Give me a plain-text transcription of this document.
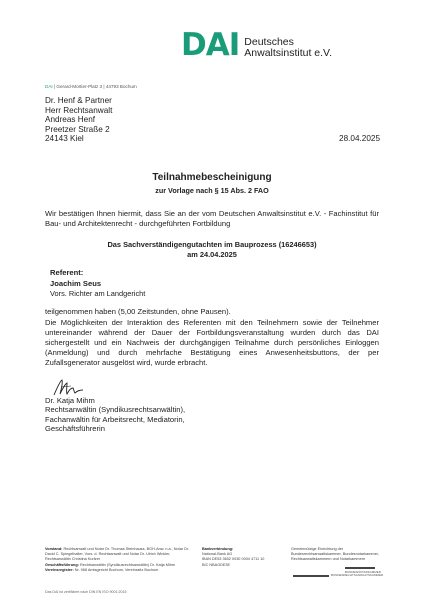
DAI Deutsches
Anwaltsinstitut e.V.
DAI | Gerard-Mortier-Platz 3 | 44793 Bochum
Dr. Henf & Partner
Herr Rechtsanwalt
Andreas Henf
Preetzer Straße 2
24143 Kiel	28.04.2025
Teilnahmebescheinigung
zur Vorlage nach § 15 Abs. 2 FAO
Wir bestätigen Ihnen hiermit, dass Sie an der vom Deutschen Anwaltsinstitut e.V. - Fachinstitut für Bau- und Architektenrecht - durchgeführten Fortbildung
Das Sachverständigengutachten im Bauprozess (16246653)
am 24.04.2025
Referent:
Joachim Seus
Vors. Richter am Landgericht
teilgenommen haben (5,00 Zeitstunden, ohne Pausen).
Die Möglichkeiten der Interaktion des Referenten mit den Teilnehmern sowie der Teilnehmer untereinander während der Dauer der Fortbildungsveranstaltung wurden durch das DAI sichergestellt und ein Nachweis der durchgängigen Teilnahme durch persönliches Einloggen (Anmeldung) und durch mehrfache Bestätigung eines Anwesenheitsbuttons, der per Zufallsgenerator ausgelöst wird, wurde erbracht.
Dr. Katja Mihm
Rechtsanwältin (Syndikusrechtsanwältin),
Fachanwältin für Arbeitsrecht, Mediatorin,
Geschäftsführerin
Vorstand: Rechtsanwalt und Notar Dr. Thomas Steinhauss, BGH-Anw. n.a., Notar Dr. David C. Spiegelhalter, Vors. d. Rechtsanwalt und Notar Dr. Ulrich Winkler, Rechtsanwältin Christina Kurtzer
Geschäftsführung: Rechtsanwältin (Syndikusrechtsanwältin) Dr. Katja Mihm
Vereinsregister: Nr. 968 Amtsgericht Bochum, Vereinssitz Bochum
Bankverbindung:
National-Bank AG
IBAN DE53 3602 0030 0004 4711 10
BIC NBAGDE3E
Gemeinnützige Einrichtung der
Bundesrechtsanwaltskammer, Bundesnotarkammer,
Rechtsanwaltskammern und Notarkammern
BUNDESRECHTSANWALTSKAMMER
BUNDESNOTARKAMMER
Das DAI ist zertifiziert nach DIN EN ISO 9001:2015
